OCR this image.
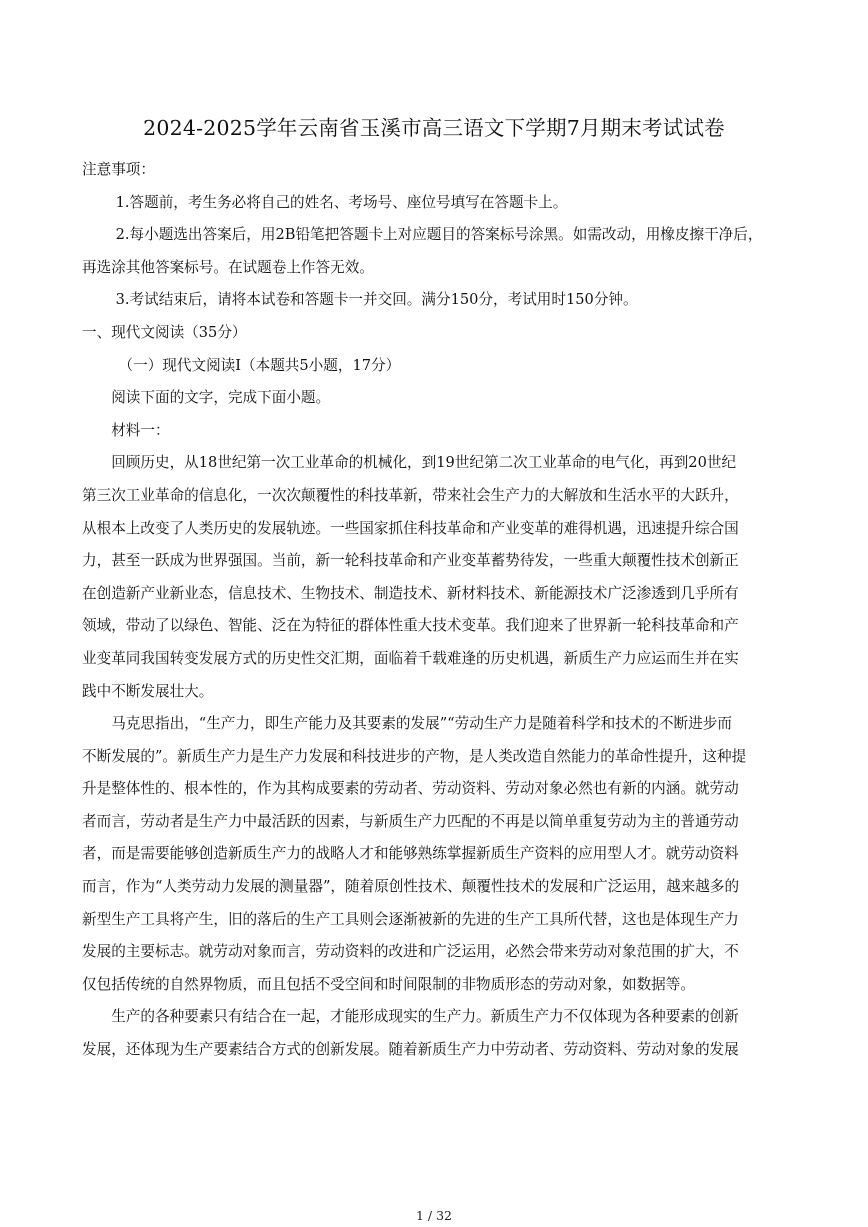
2024-2025学年云南省玉溪市高三语文下学期7月期末考试试卷
注意事项：
1.答题前，考生务必将自己的姓名、考场号、座位号填写在答题卡上。
2.每小题选出答案后，用2B铅笔把答题卡上对应题目的答案标号涂黑。如需改动，用橡皮擦干净后，
再选涂其他答案标号。在试题卷上作答无效。
3.考试结束后，请将本试卷和答题卡一并交回。满分150分，考试用时150分钟。
一、现代文阅读（35分）
（一）现代文阅读Ⅰ（本题共5小题，17分）
阅读下面的文字，完成下面小题。
材料一：
回顾历史，从18世纪第一次工业革命的机械化，到19世纪第二次工业革命的电气化，再到20世纪
第三次工业革命的信息化，一次次颠覆性的科技革新，带来社会生产力的大解放和生活水平的大跃升，
从根本上改变了人类历史的发展轨迹。一些国家抓住科技革命和产业变革的难得机遇，迅速提升综合国
力，甚至一跃成为世界强国。当前，新一轮科技革命和产业变革蓄势待发，一些重大颠覆性技术创新正
在创造新产业新业态，信息技术、生物技术、制造技术、新材料技术、新能源技术广泛渗透到几乎所有
领域，带动了以绿色、智能、泛在为特征的群体性重大技术变革。我们迎来了世界新一轮科技革命和产
业变革同我国转变发展方式的历史性交汇期，面临着千载难逢的历史机遇，新质生产力应运而生并在实
践中不断发展壮大。
马克思指出，“生产力，即生产能力及其要素的发展”“劳动生产力是随着科学和技术的不断进步而
不断发展的”。新质生产力是生产力发展和科技进步的产物，是人类改造自然能力的革命性提升，这种提
升是整体性的、根本性的，作为其构成要素的劳动者、劳动资料、劳动对象必然也有新的内涵。就劳动
者而言，劳动者是生产力中最活跃的因素，与新质生产力匹配的不再是以简单重复劳动为主的普通劳动
者，而是需要能够创造新质生产力的战略人才和能够熟练掌握新质生产资料的应用型人才。就劳动资料
而言，作为“人类劳动力发展的测量器”，随着原创性技术、颠覆性技术的发展和广泛运用，越来越多的
新型生产工具将产生，旧的落后的生产工具则会逐渐被新的先进的生产工具所代替，这也是体现生产力
发展的主要标志。就劳动对象而言，劳动资料的改进和广泛运用，必然会带来劳动对象范围的扩大，不
仅包括传统的自然界物质，而且包括不受空间和时间限制的非物质形态的劳动对象，如数据等。
生产的各种要素只有结合在一起，才能形成现实的生产力。新质生产力不仅体现为各种要素的创新
发展，还体现为生产要素结合方式的创新发展。随着新质生产力中劳动者、劳动资料、劳动对象的发展
1 / 32
